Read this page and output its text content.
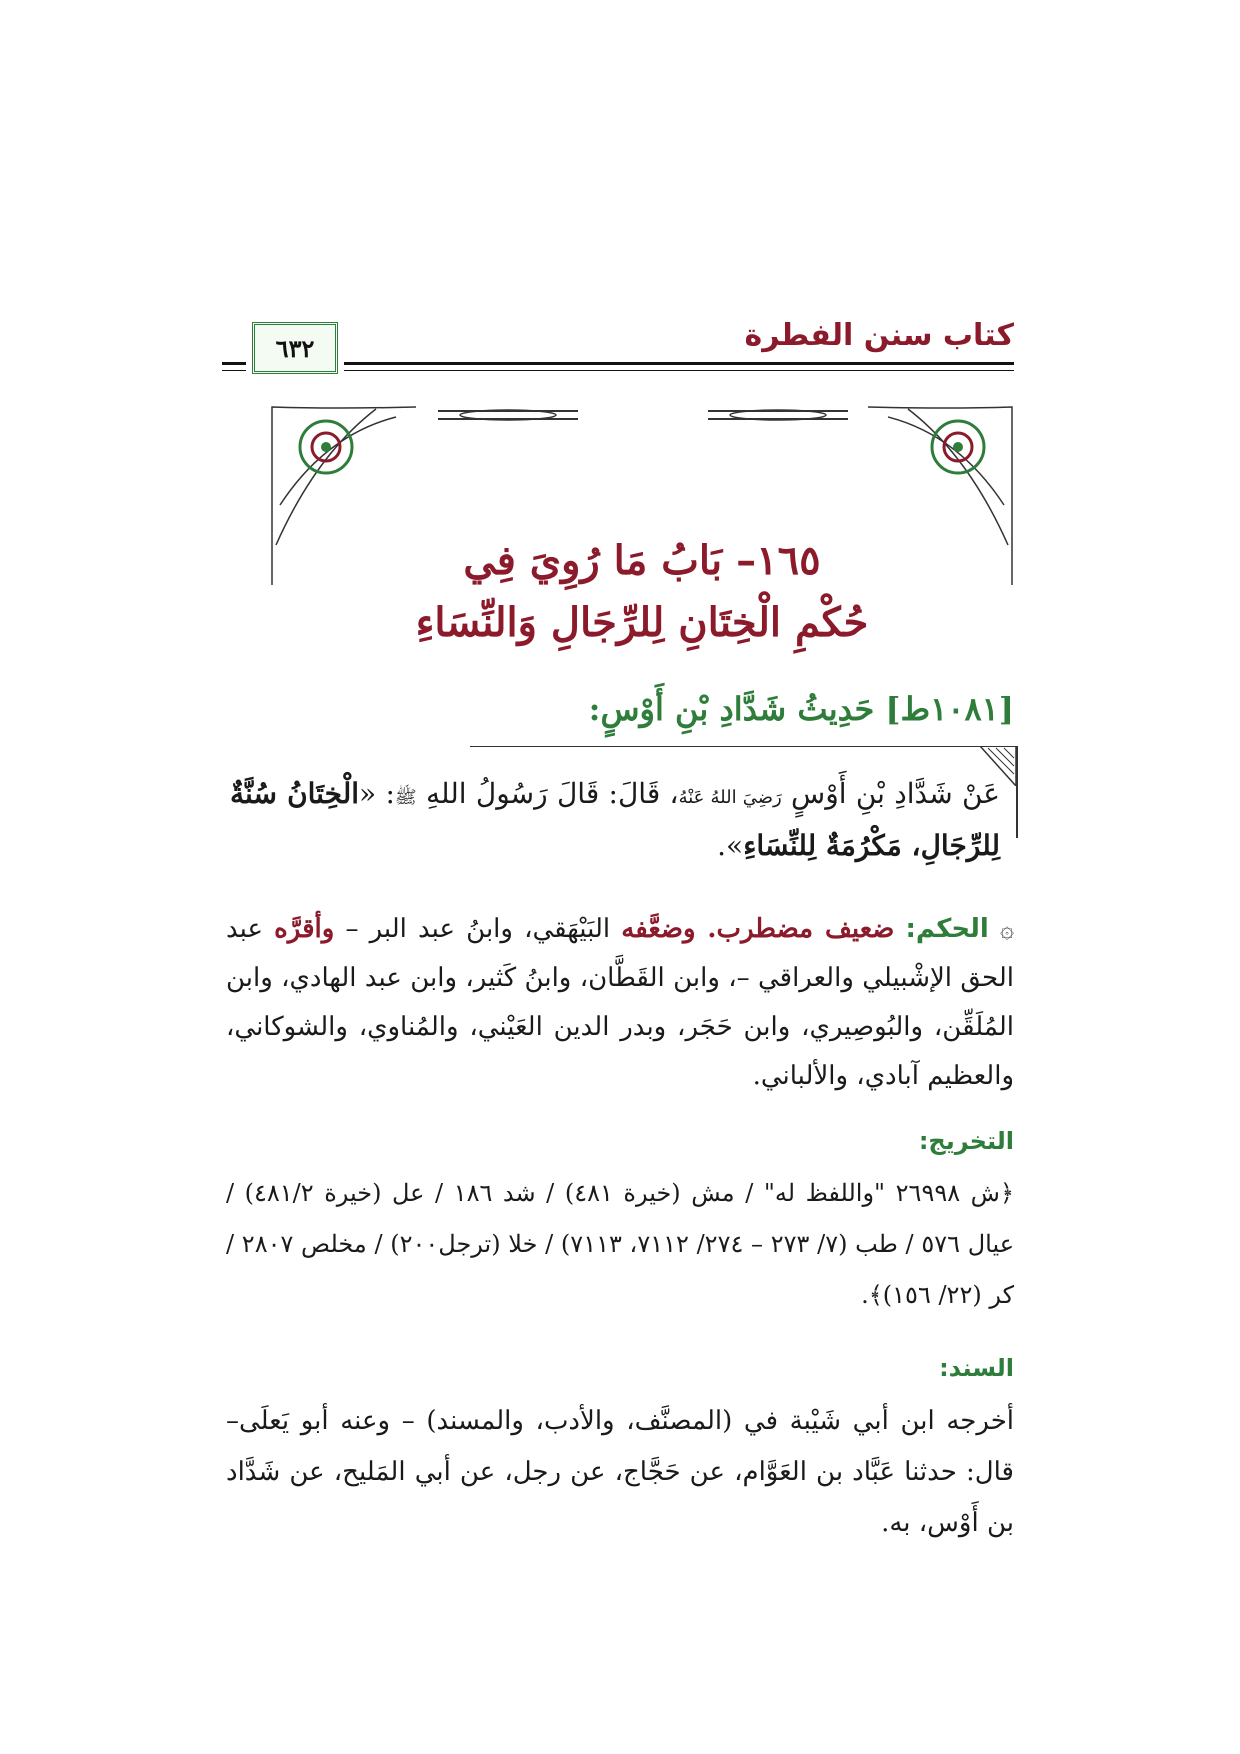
كتاب سنن الفطرة
٦٣٢
١٦٥– بَابُ مَا رُوِيَ فِي
حُكْمِ الْخِتَانِ لِلرِّجَالِ وَالنِّسَاءِ
[١٠٨١ط] حَدِيثُ شَدَّادِ بْنِ أَوْسٍ:
عَنْ شَدَّادِ بْنِ أَوْسٍ رَضِيَ اللهُ عَنْهُ، قَالَ: قَالَ رَسُولُ اللهِ ﷺ: «الْخِتَانُ سُنَّةٌ لِلرِّجَالِ، مَكْرُمَةٌ لِلنِّسَاءِ».
۞ الحكم: ضعيف مضطرب. وضعَّفه البَيْهَقي، وابنُ عبد البر – وأقرَّه عبد الحق الإشْبيلي والعراقي –، وابن القَطَّان، وابنُ كَثير، وابن عبد الهادي، وابن المُلَقِّن، والبُوصِيري، وابن حَجَر، وبدر الدين العَيْني، والمُناوي، والشوكاني، والعظيم آبادي، والألباني.
التخريج:
﴿ش ٢٦٩٩٨ "واللفظ له" / مش (خيرة ٤٨١) / شد ١٨٦ / عل (خيرة ٤٨١/٢) / عيال ٥٧٦ / طب (٧/ ٢٧٣ – ٢٧٤/ ٧١١٢، ٧١١٣) / خلا (ترجل٢٠٠) / مخلص ٢٨٠٧ / كر (٢٢/ ١٥٦)﴾.
السند:
أخرجه ابن أبي شَيْبة في (المصنَّف، والأدب، والمسند) – وعنه أبو يَعلَى– قال: حدثنا عَبَّاد بن العَوَّام، عن حَجَّاج، عن رجل، عن أبي المَليح، عن شَدَّاد بن أَوْس، به.
